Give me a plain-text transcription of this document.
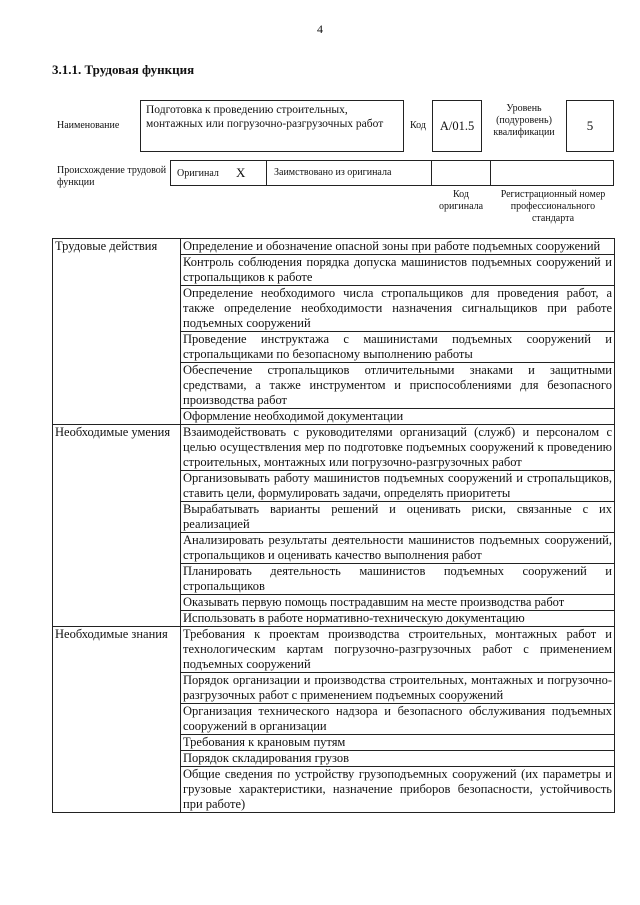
4
3.1.1. Трудовая функция
Наименование
Подготовка к проведению строительных, монтажных или погрузочно-разгрузочных работ	Код	A/01.5
Уровень (подуровень) квалификации	5
Происхождение трудовой функции
Оригинал X	Заимствовано из оригинала
Код оригинала
Регистрационный номер профессионального стандарта
Трудовые действия	Определение и обозначение опасной зоны при работе подъемных сооружений
	Контроль соблюдения порядка допуска машинистов подъемных сооружений и стропальщиков к работе
	Определение необходимого числа стропальщиков для проведения работ, а также определение необходимости назначения сигнальщиков при работе подъемных сооружений
	Проведение инструктажа с машинистами подъемных сооружений и стропальщиками по безопасному выполнению работы
	Обеспечение стропальщиков отличительными знаками и защитными средствами, а также инструментом и приспособлениями для безопасного производства работ
	Оформление необходимой документации
Необходимые умения	Взаимодействовать с руководителями организаций (служб) и персоналом с целью осуществления мер по подготовке подъемных сооружений к проведению строительных, монтажных или погрузочно-разгрузочных работ
	Организовывать работу машинистов подъемных сооружений и стропальщиков, ставить цели, формулировать задачи, определять приоритеты
	Вырабатывать варианты решений и оценивать риски, связанные с их реализацией
	Анализировать результаты деятельности машинистов подъемных сооружений, стропальщиков и оценивать качество выполнения работ
	Планировать деятельность машинистов подъемных сооружений и стропальщиков
	Оказывать первую помощь пострадавшим на месте производства работ
	Использовать в работе нормативно-техническую документацию
Необходимые знания	Требования к проектам производства строительных, монтажных работ и технологическим картам погрузочно-разгрузочных работ с применением подъемных сооружений
	Порядок организации и производства строительных, монтажных и погрузочно-разгрузочных работ с применением подъемных сооружений
	Организация технического надзора и безопасного обслуживания подъемных сооружений в организации
	Требования к крановым путям
	Порядок складирования грузов
	Общие сведения по устройству грузоподъемных сооружений (их параметры и грузовые характеристики, назначение приборов безопасности, устойчивость при работе)
